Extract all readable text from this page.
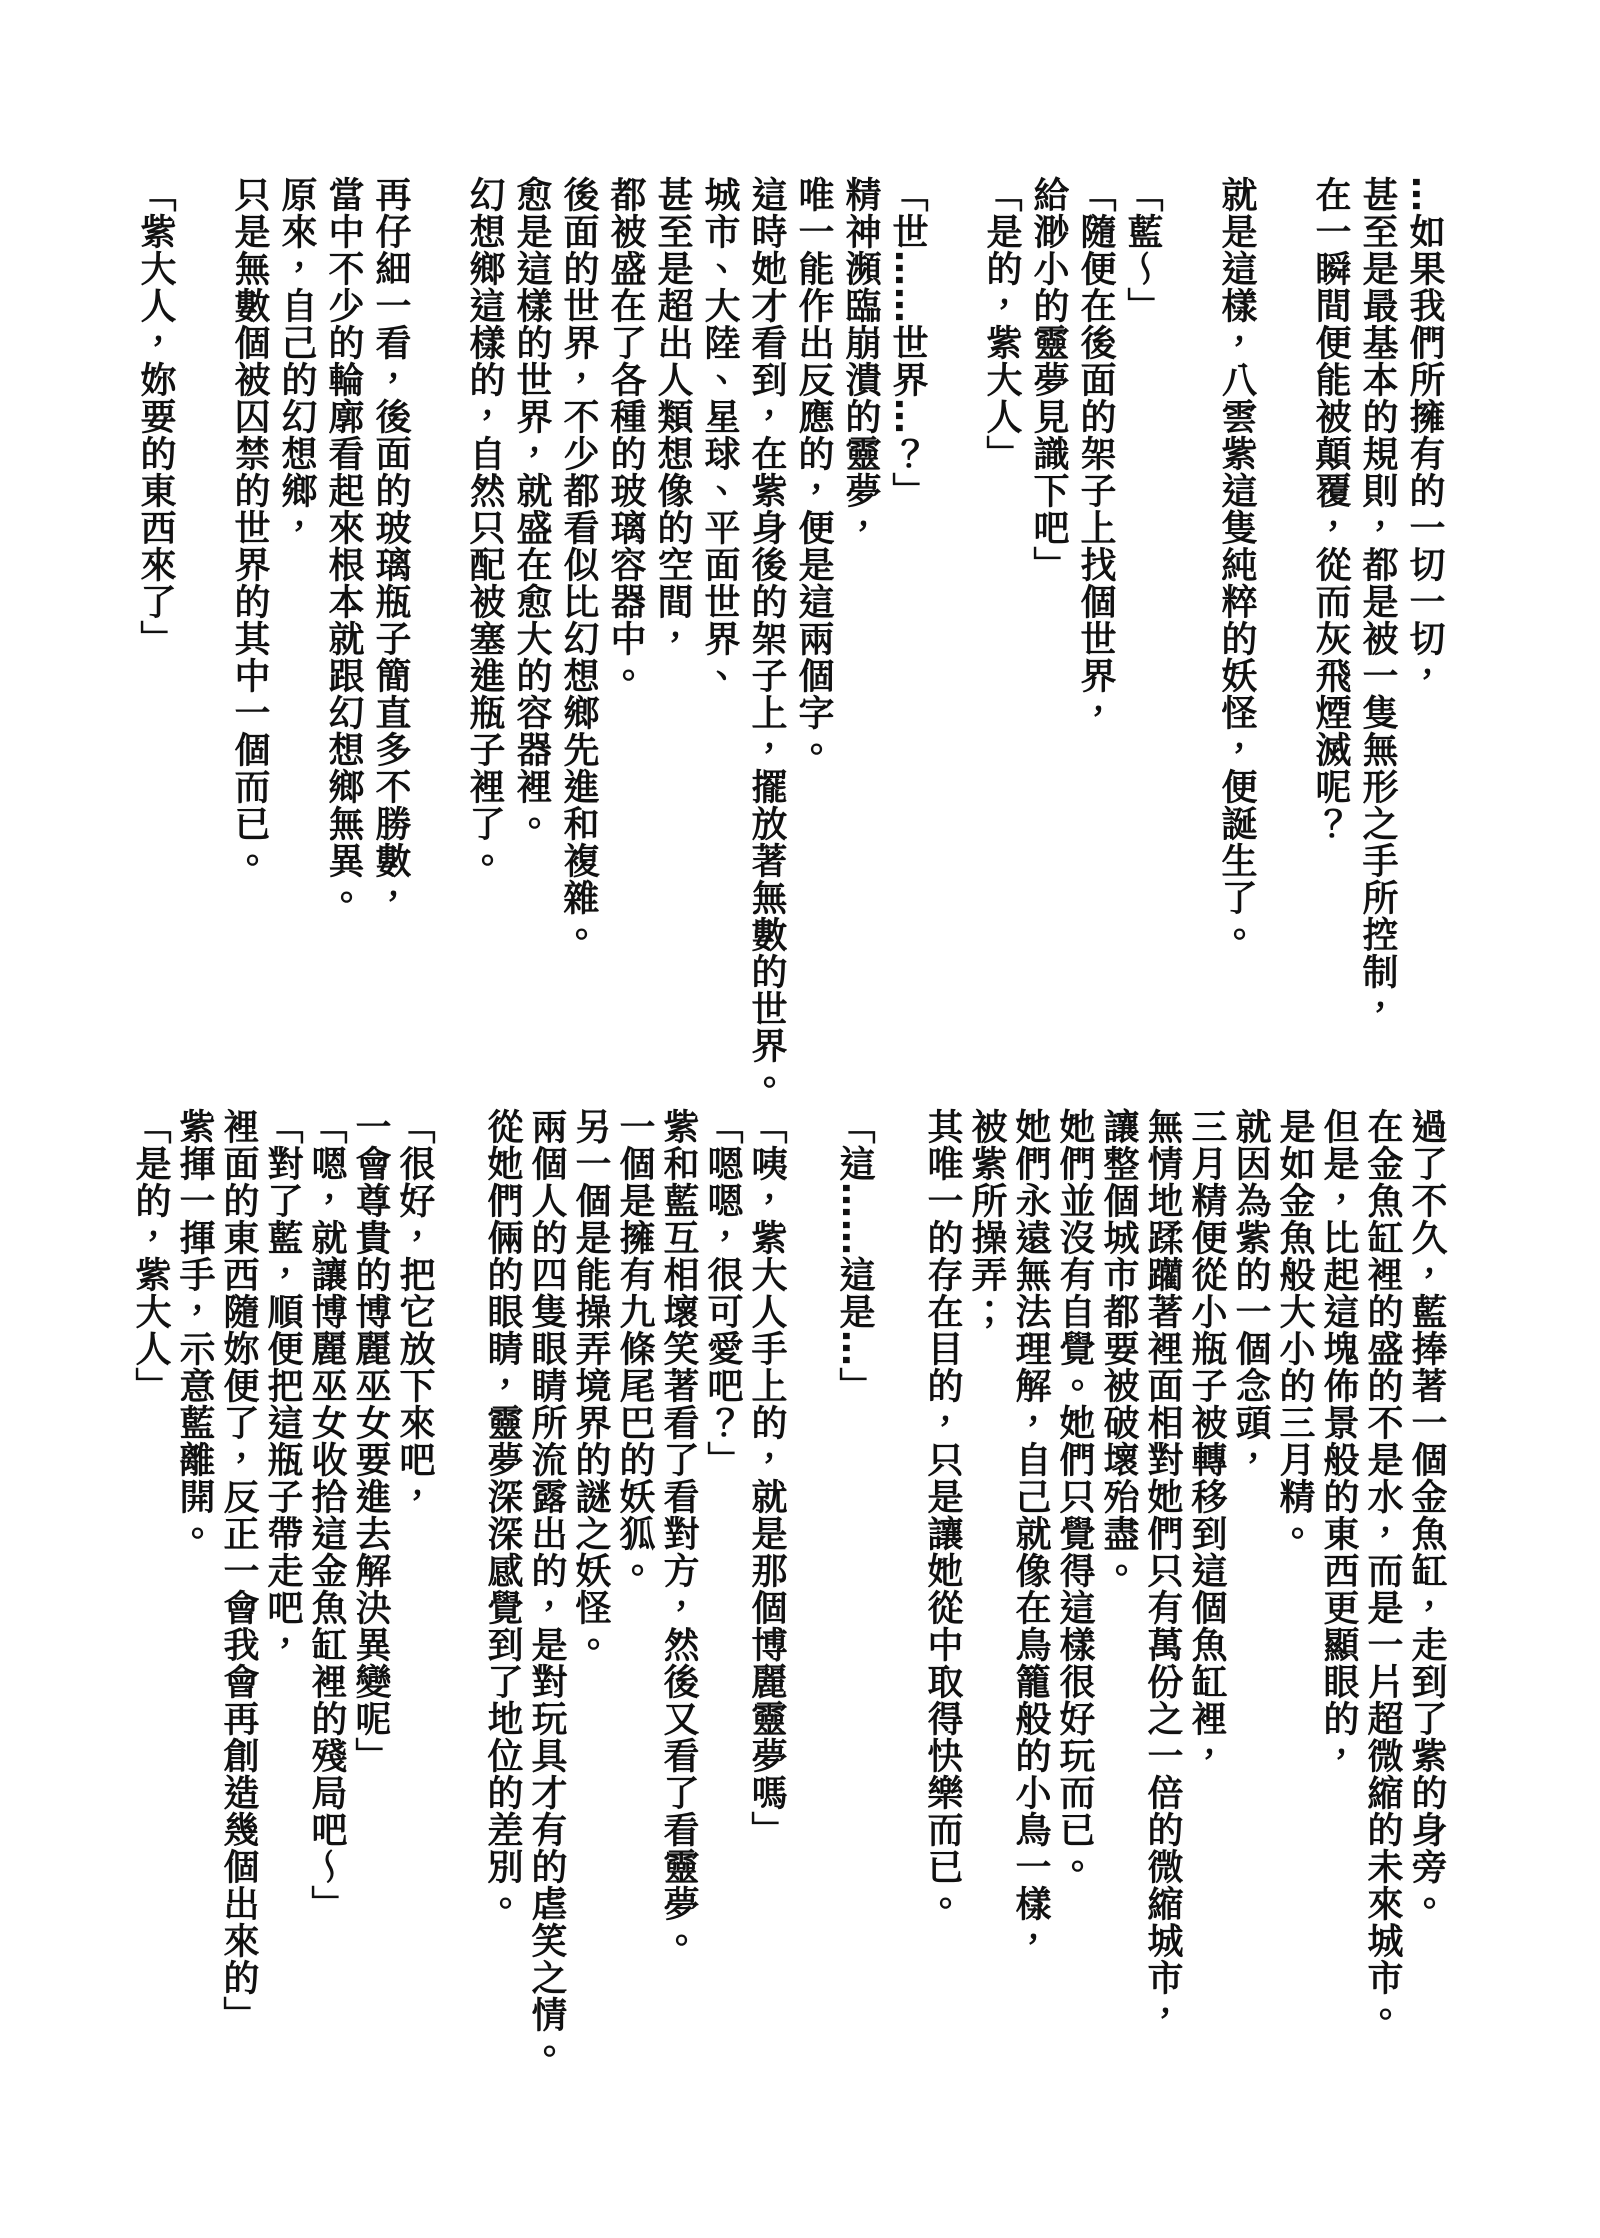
…如果我們所擁有的一切一切，

甚至是最基本的規則，都是被一隻無形之手所控制，

在一瞬間便能被顛覆，從而灰飛煙滅呢？

就是這樣，八雲紫這隻純粹的妖怪，便誕生了。

「藍～」

「隨便在後面的架子上找個世界，

給渺小的靈夢見識下吧」

「是的，紫大人」

「世……世界…？」

精神瀕臨崩潰的靈夢，

唯一能作出反應的，便是這兩個字。

這時她才看到，在紫身後的架子上，擺放著無數的世界。

城市、大陸、星球、平面世界、

甚至是超出人類想像的空間，

都被盛在了各種的玻璃容器中。

後面的世界，不少都看似比幻想鄉先進和複雜。

愈是這樣的世界，就盛在愈大的容器裡。

幻想鄉這樣的，自然只配被塞進瓶子裡了。

再仔細一看，後面的玻璃瓶子簡直多不勝數，

當中不少的輪廓看起來根本就跟幻想鄉無異。

原來，自己的幻想鄉，

只是無數個被囚禁的世界的其中一個而已。

「紫大人，妳要的東西來了」

過了不久，藍捧著一個金魚缸，走到了紫的身旁。

在金魚缸裡的盛的不是水，而是一片超微縮的未來城市。

但是，比起這塊佈景般的東西更顯眼的，

是如金魚般大小的三月精。

就因為紫的一個念頭，

三月精便從小瓶子被轉移到這個魚缸裡，

無情地蹂躪著裡面相對她們只有萬份之一倍的微縮城市，

讓整個城市都要被破壞殆盡。

她們並沒有自覺。她們只覺得這樣很好玩而已。

她們永遠無法理解，自己就像在鳥籠般的小鳥一樣，

被紫所操弄；

其唯一的存在目的，只是讓她從中取得快樂而已。

「這……這是…」

「咦，紫大人手上的，就是那個博麗靈夢嗎」

「嗯嗯，很可愛吧？」

紫和藍互相壞笑著看了看對方，然後又看了看靈夢。

一個是擁有九條尾巴的妖狐。

另一個是能操弄境界的謎之妖怪。

兩個人的四隻眼睛所流露出的，是對玩具才有的虐笑之情。

從她們倆的眼睛，靈夢深深感覺到了地位的差別。

「很好，把它放下來吧，

一會尊貴的博麗巫女要進去解決異變呢」

「嗯，就讓博麗巫女收拾這金魚缸裡的殘局吧～」

「對了藍，順便把這瓶子帶走吧，

裡面的東西隨妳便了，反正一會我會再創造幾個出來的」

紫揮一揮手，示意藍離開。

「是的，紫大人」
